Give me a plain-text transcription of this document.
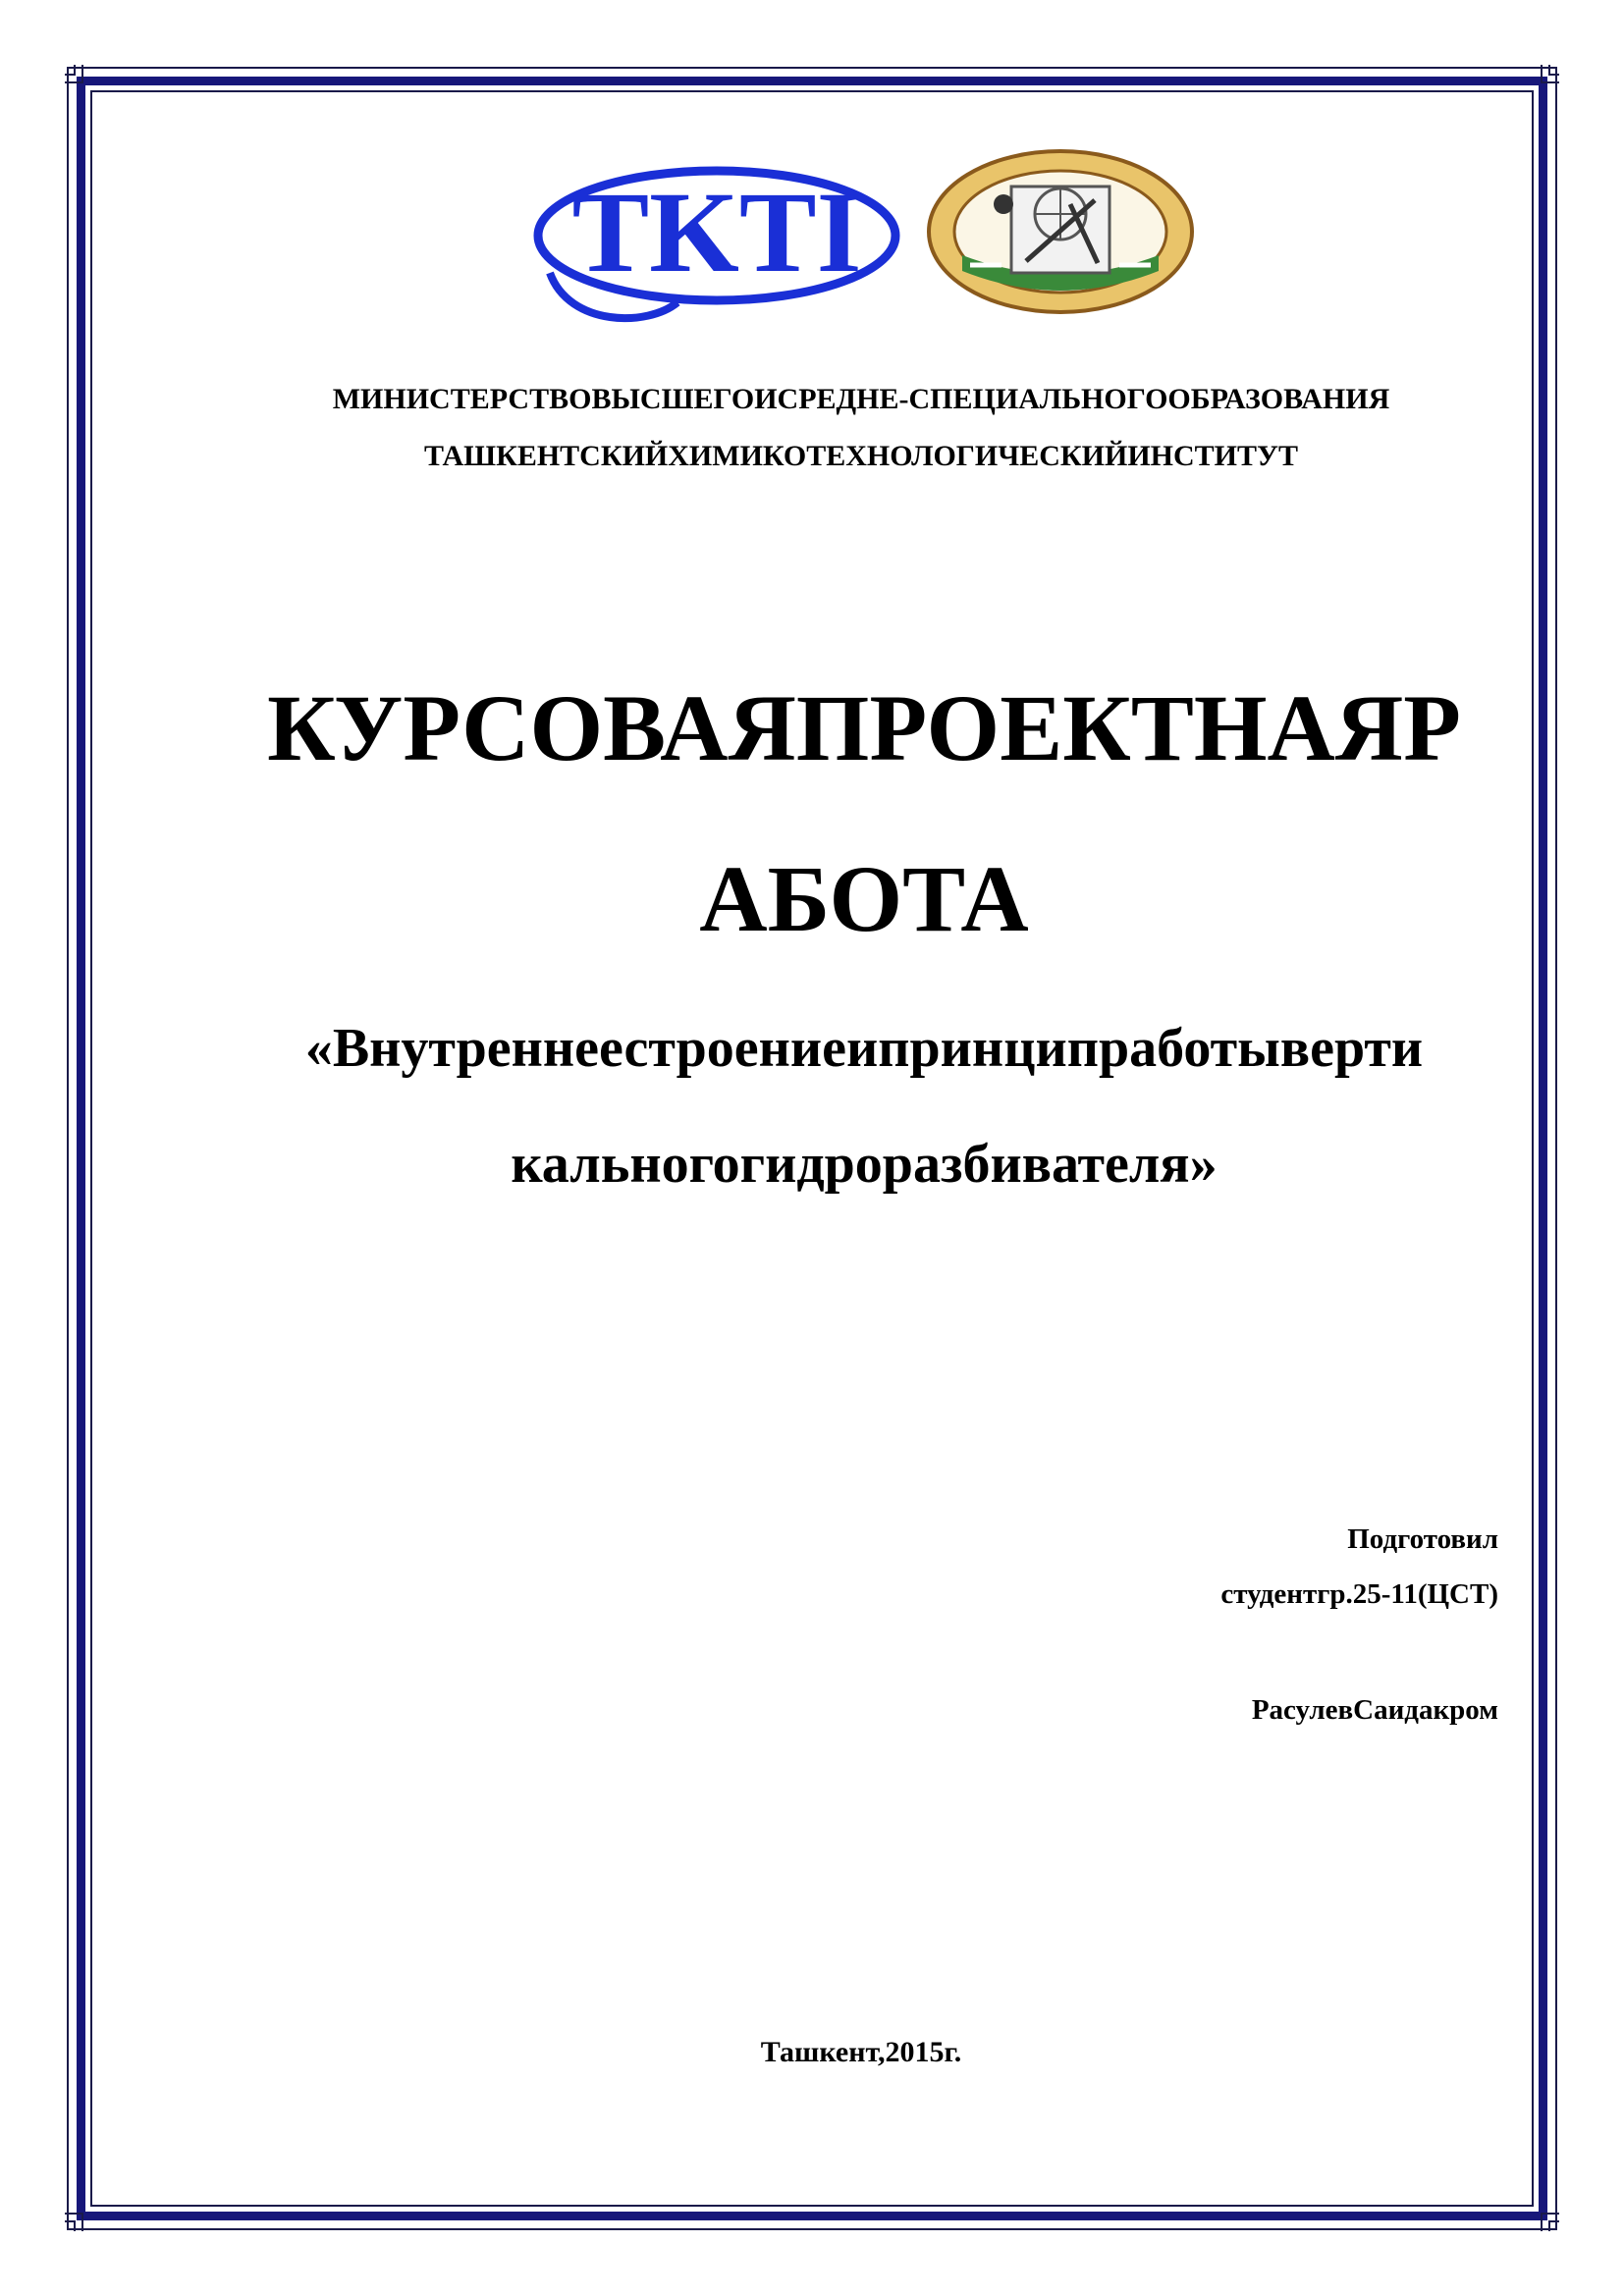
TKTI
МИНИСТЕРСТВОВЫСШЕГОИСРЕДНЕ-СПЕЦИАЛЬНОГООБРАЗОВАНИЯ
ТАШКЕНТСКИЙХИМИКОТЕХНОЛОГИЧЕСКИЙИНСТИТУТ
КУРСОВАЯПРОЕКТНАЯР
АБОТА
«Внутреннеестроениеипринципработыверти
кальногогидроразбивателя»
Подготовил
студентгр.25-11(ЦСТ)
РасулевСаидакром
Ташкент,2015г.
